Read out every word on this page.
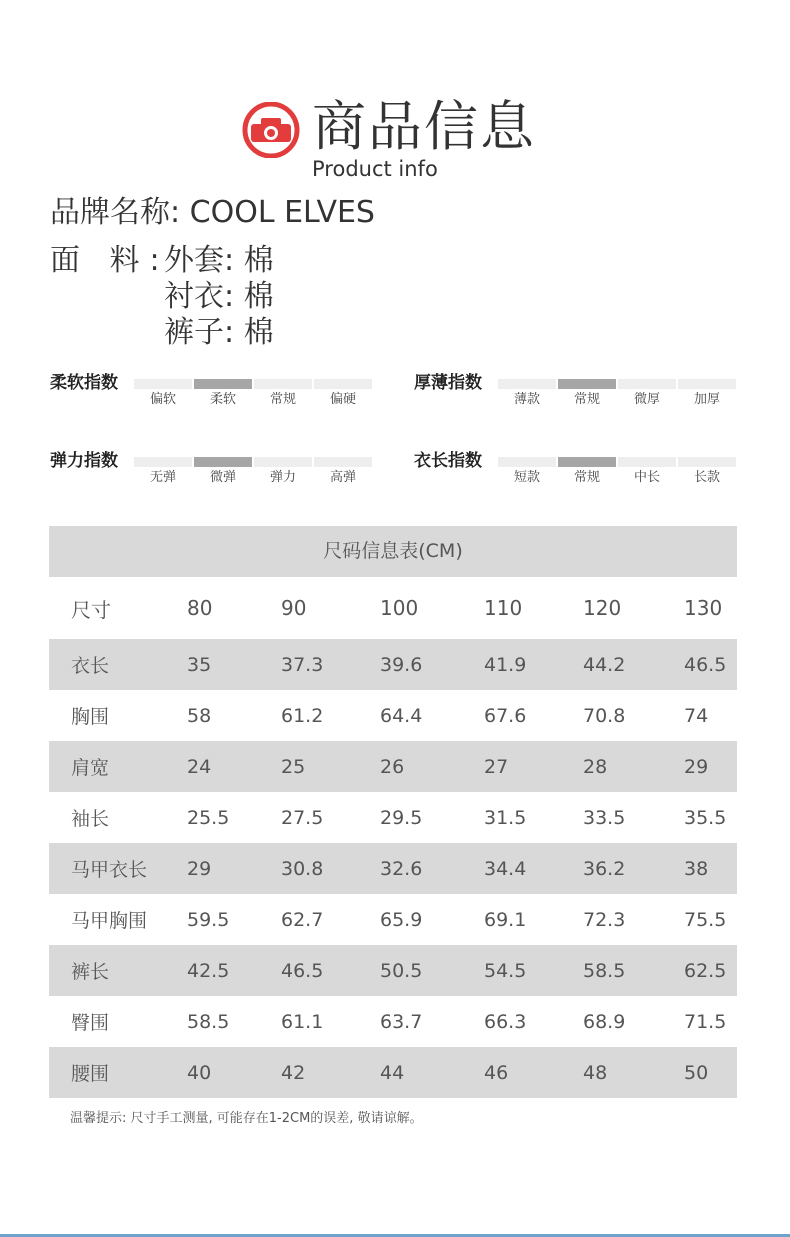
商品信息
Product info
品牌名称: COOL ELVES
面 料:
外套: 棉
衬衣: 棉
裤子: 棉
柔软指数
偏软	柔软	常规	偏硬
厚薄指数
薄款	常规	微厚	加厚
弹力指数
无弹	微弹	弹力	高弹
衣长指数
短款	常规	中长	长款
尺码信息表(CM)
尺寸	80	90	100	110	120	130
衣长	35	37.3	39.6	41.9	44.2	46.5
胸围	58	61.2	64.4	67.6	70.8	74
肩宽	24	25	26	27	28	29
袖长	25.5	27.5	29.5	31.5	33.5	35.5
马甲衣长 29	30.8	32.6	34.4	36.2	38
马甲胸围 59.5	62.7	65.9	69.1	72.3	75.5
裤长	42.5	46.5	50.5	54.5	58.5	62.5
臀围	58.5	61.1	63.7	66.3	68.9	71.5
腰围	40	42	44	46	48	50
温馨提示: 尺寸手工测量, 可能存在1-2CM的误差, 敬请谅解。
